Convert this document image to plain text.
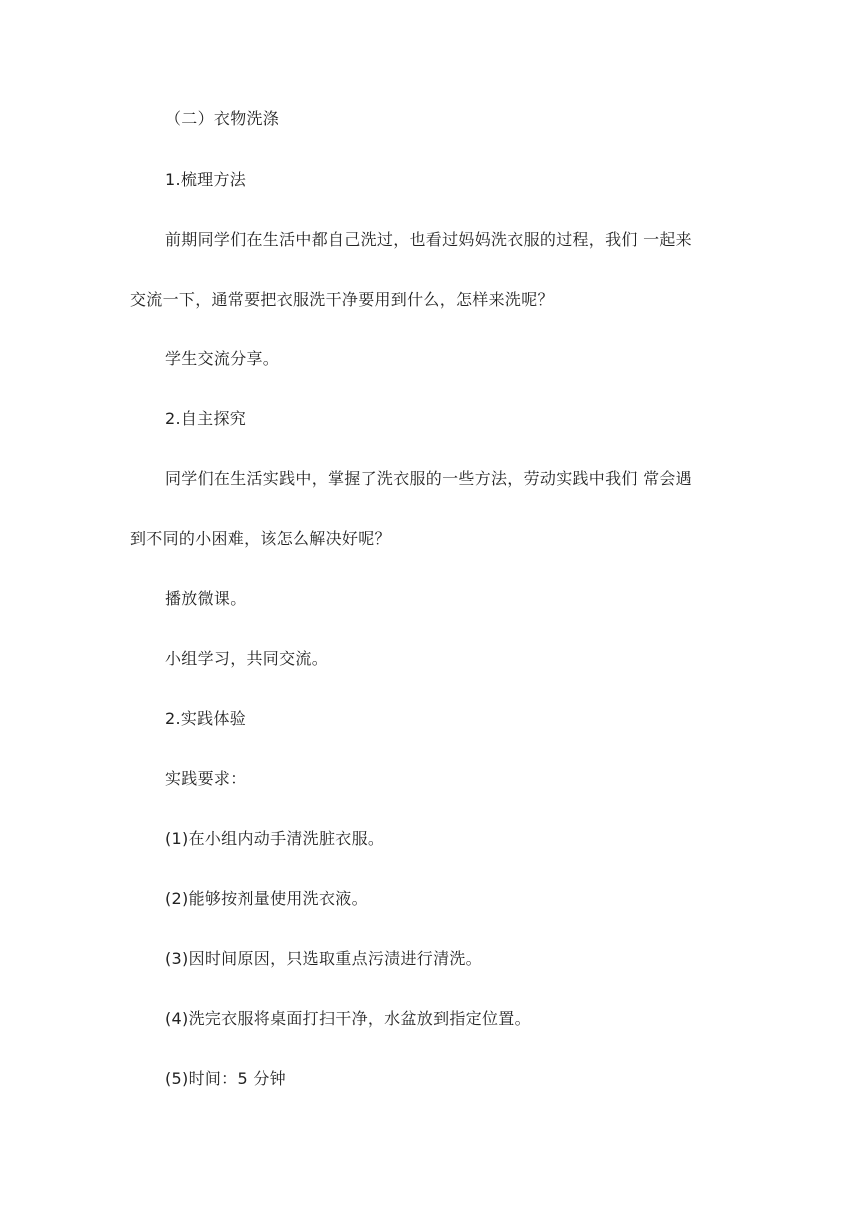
（二）衣物洗涤
1.梳理方法
前期同学们在生活中都自己洗过，也看过妈妈洗衣服的过程，我们 一起来
交流一下，通常要把衣服洗干净要用到什么，怎样来洗呢？
学生交流分享。
2.自主探究
同学们在生活实践中，掌握了洗衣服的一些方法，劳动实践中我们 常会遇
到不同的小困难，该怎么解决好呢？
播放微课。
小组学习，共同交流。
2.实践体验
实践要求：
(1)在小组内动手清洗脏衣服。
(2)能够按剂量使用洗衣液。
(3)因时间原因，只选取重点污渍进行清洗。
(4)洗完衣服将桌面打扫干净，水盆放到指定位置。
(5)时间：5 分钟
